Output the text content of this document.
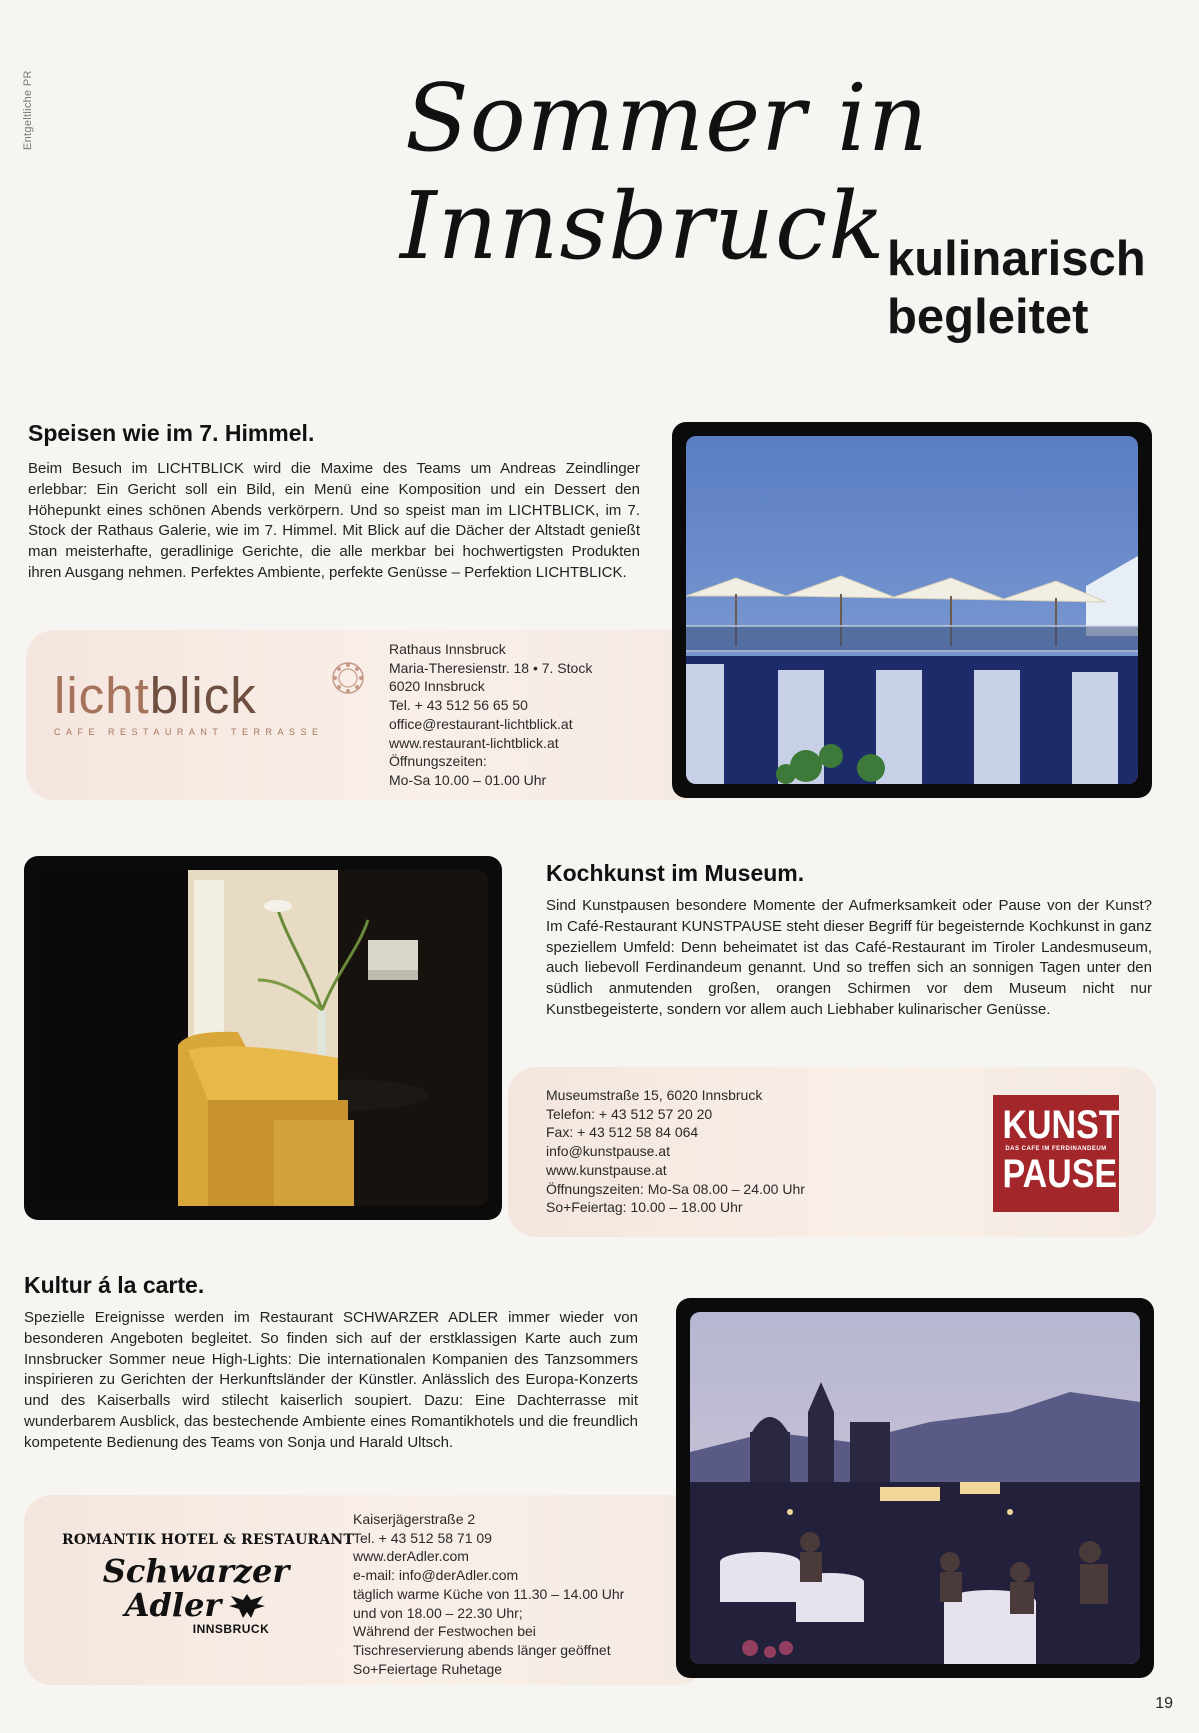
Entgeltliche PR	Sommer in
Innsbruck kulinarisch
begleitet
Speisen wie im 7. Himmel.
Beim Besuch im LICHTBLICK wird die Maxime des Teams um Andreas Zeindlinger erlebbar: Ein Gericht soll ein Bild, ein Menü eine Komposition und ein Dessert den Höhepunkt eines schönen Abends verkörpern. Und so speist man im LICHTBLICK, im 7. Stock der Rathaus Galerie, wie im 7. Himmel. Mit Blick auf die Dächer der Altstadt genießt man meisterhafte, geradlinige Gerichte, die alle merkbar bei hochwertigsten Produkten ihren Ausgang nehmen. Perfektes Ambiente, perfekte Genüsse – Perfektion LICHTBLICK.
lichtblick
CAFE RESTAURANT TERRASSE
Rathaus Innsbruck
Maria-Theresienstr. 18 • 7. Stock
6020 Innsbruck
Tel. + 43 512 56 65 50
office@restaurant-lichtblick.at
www.restaurant-lichtblick.at
Öffnungszeiten:
Mo-Sa 10.00 – 01.00 Uhr
Kochkunst im Museum.
Sind Kunstpausen besondere Momente der Aufmerksamkeit oder Pause von der Kunst? Im Café-Restaurant KUNSTPAUSE steht dieser Begriff für begeisternde Kochkunst in ganz speziellem Umfeld: Denn beheimatet ist das Café-Restaurant im Tiroler Landesmuseum, auch liebevoll Ferdinandeum genannt. Und so treffen sich an sonnigen Tagen unter den südlich anmutenden großen, orangen Schirmen vor dem Museum nicht nur Kunstbegeisterte, sondern vor allem auch Liebhaber kulinarischer Genüsse.
Museumstraße 15, 6020 Innsbruck
Telefon: + 43 512 57 20 20
Fax: + 43 512 58 84 064
info@kunstpause.at
www.kunstpause.at
Öffnungszeiten: Mo-Sa 08.00 – 24.00 Uhr
So+Feiertag: 10.00 – 18.00 Uhr
KUNST
DAS CAFE IM FERDINANDEUM
PAUSE
Kultur á la carte.
Spezielle Ereignisse werden im Restaurant SCHWARZER ADLER immer wieder von besonderen Angeboten begleitet. So finden sich auf der erstklassigen Karte auch zum Innsbrucker Sommer neue High-Lights: Die internationalen Kompanien des Tanzsommers inspirieren zu Gerichten der Herkunftsländer der Künstler. Anlässlich des Europa-Konzerts und des Kaiserballs wird stilecht kaiserlich soupiert. Dazu: Eine Dachterrasse mit wunderbarem Ausblick, das bestechende Ambiente eines Romantikhotels und die freundlich kompetente Bedienung des Teams von Sonja und Harald Ultsch.
ROMANTIK HOTEL & RESTAURANT
Schwarzer
Adler
INNSBRUCK
Kaiserjägerstraße 2
Tel. + 43 512 58 71 09
www.derAdler.com
e-mail: info@derAdler.com
täglich warme Küche von 11.30 – 14.00 Uhr
und von 18.00 – 22.30 Uhr;
Während der Festwochen bei
Tischreservierung abends länger geöffnet
So+Feiertage Ruhetage
19
